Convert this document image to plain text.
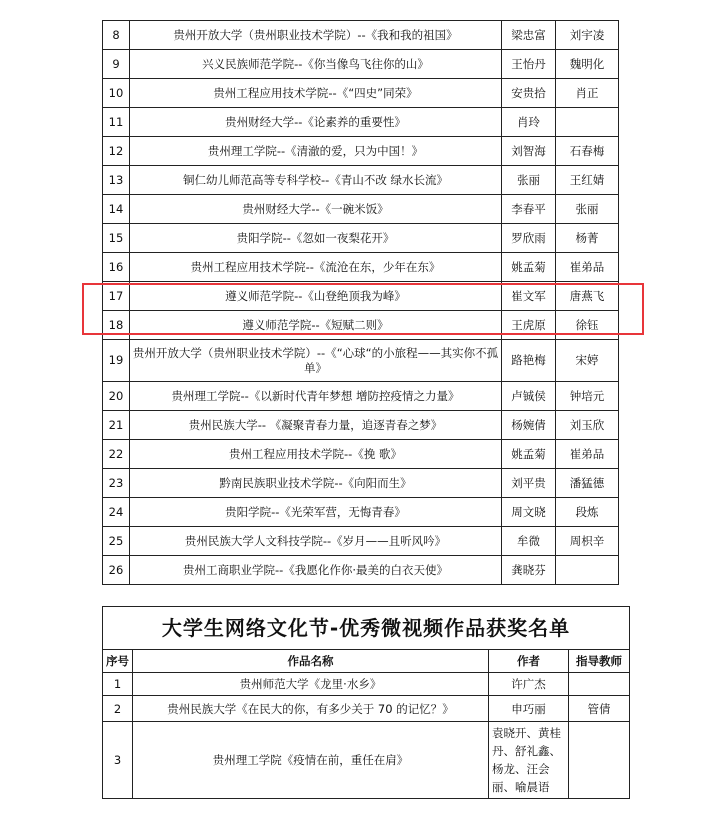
8	贵州开放大学（贵州职业技术学院）--《我和我的祖国》	梁忠富	刘宇凌
9	兴义民族师范学院--《你当像鸟飞往你的山》	王怡丹	魏明化
10	贵州工程应用技术学院--《“四史”同荣》	安贵拾	肖正
11	贵州财经大学--《论素养的重要性》	肖玲	
12	贵州理工学院--《清澈的爱，只为中国！》	刘智海	石春梅
13	铜仁幼儿师范高等专科学校--《青山不改 绿水长流》	张丽	王红婧
14	贵州财经大学--《一碗米饭》	李春平	张丽
15	贵阳学院--《忽如一夜梨花开》	罗欣雨	杨菁
16	贵州工程应用技术学院--《流沧在东，少年在东》	姚孟菊	崔弟品
17	遵义师范学院--《山登绝顶我为峰》	崔文军	唐燕飞
18	遵义师范学院--《短赋二则》	王虎原	徐钰
19	贵州开放大学（贵州职业技术学院）--《“心球“的小旅程——其实你不孤单》	路艳梅	宋婷
20	贵州理工学院--《以新时代青年梦想 增防控疫情之力量》	卢铖侯	钟培元
21	贵州民族大学-- 《凝聚青春力量，追逐青春之梦》	杨婉倩	刘玉欣
22	贵州工程应用技术学院--《挽 歌》	姚孟菊	崔弟品
23	黔南民族职业技术学院--《向阳而生》	刘平贵	潘猛德
24	贵阳学院--《光荣军营，无悔青春》	周文晓	段炼
25	贵州民族大学人文科技学院--《岁月——且听风吟》	牟微	周枳辛
26	贵州工商职业学院--《我愿化作你·最美的白衣天使》	龚晓芬	
大学生网络文化节-优秀微视频作品获奖名单			
序号	作品名称	作者	指导教师
1	贵州师范大学《龙里·水乡》	许广杰	
2	贵州民族大学《在民大的你，有多少关于 70 的记忆？》	申巧丽	管倩
3	贵州理工学院《疫情在前，重任在肩》	袁晓开、黄桂丹、舒礼鑫、杨龙、汪会丽、喻晨语	
